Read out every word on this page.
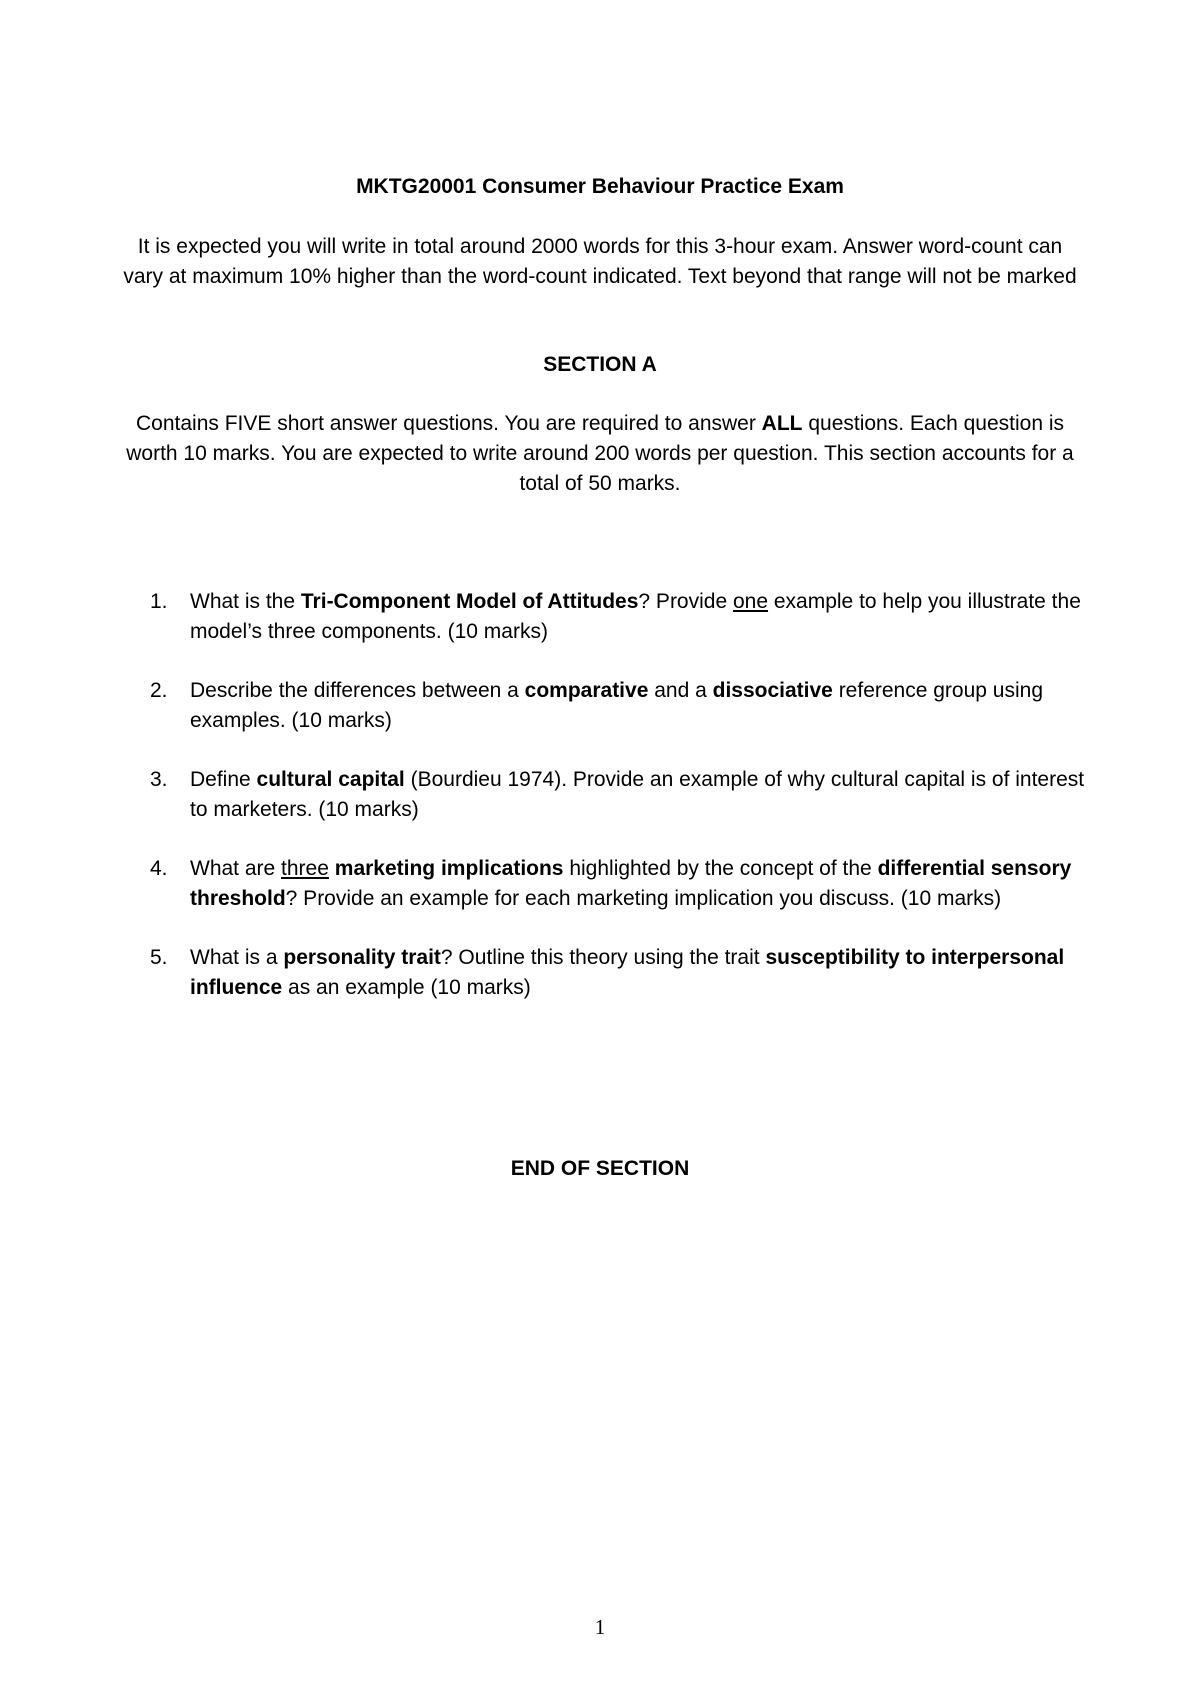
MKTG20001 Consumer Behaviour Practice Exam

It is expected you will write in total around 2000 words for this 3-hour exam. Answer word-count can vary at maximum 10% higher than the word-count indicated. Text beyond that range will not be marked

SECTION A

Contains FIVE short answer questions. You are required to answer ALL questions. Each question is worth 10 marks. You are expected to write around 200 words per question. This section accounts for a total of 50 marks.

1. What is the Tri-Component Model of Attitudes? Provide one example to help you illustrate the model’s three components. (10 marks)
2. Describe the differences between a comparative and a dissociative reference group using examples. (10 marks)
3. Define cultural capital (Bourdieu 1974). Provide an example of why cultural capital is of interest to marketers. (10 marks)
4. What are three marketing implications highlighted by the concept of the differential sensory threshold? Provide an example for each marketing implication you discuss. (10 marks)
5. What is a personality trait? Outline this theory using the trait susceptibility to interpersonal influence as an example (10 marks)

END OF SECTION

1
